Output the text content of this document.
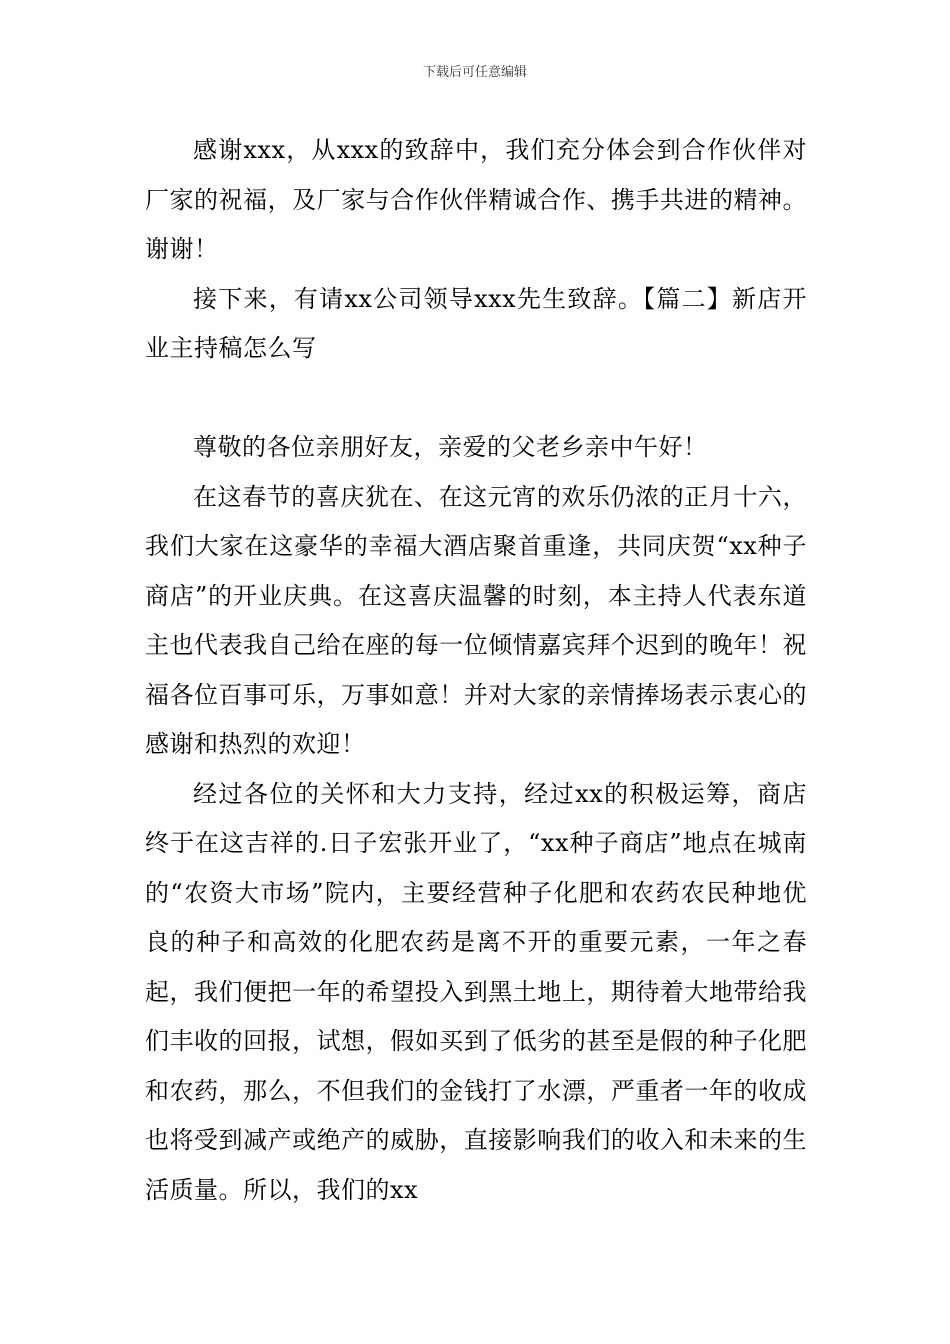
下载后可任意编辑

感谢xxx，从xxx的致辞中，我们充分体会到合作伙伴对厂家的祝福，及厂家与合作伙伴精诚合作、携手共进的精神。谢谢！

接下来，有请xx公司领导xxx先生致辞。【篇二】新店开业主持稿怎么写

尊敬的各位亲朋好友，亲爱的父老乡亲中午好！

在这春节的喜庆犹在、在这元宵的欢乐仍浓的正月十六，我们大家在这豪华的幸福大酒店聚首重逢，共同庆贺“xx种子商店”的开业庆典。在这喜庆温馨的时刻，本主持人代表东道主也代表我自己给在座的每一位倾情嘉宾拜个迟到的晚年！祝福各位百事可乐，万事如意！并对大家的亲情捧场表示衷心的感谢和热烈的欢迎！

经过各位的关怀和大力支持，经过xx的积极运筹，商店终于在这吉祥的.日子宏张开业了，“xx种子商店”地点在城南的“农资大市场”院内，主要经营种子化肥和农药农民种地优良的种子和高效的化肥农药是离不开的重要元素，一年之春起，我们便把一年的希望投入到黑土地上，期待着大地带给我们丰收的回报，试想，假如买到了低劣的甚至是假的种子化肥和农药，那么，不但我们的金钱打了水漂，严重者一年的收成也将受到减产或绝产的威胁，直接影响我们的收入和未来的生活质量。所以，我们的xx
